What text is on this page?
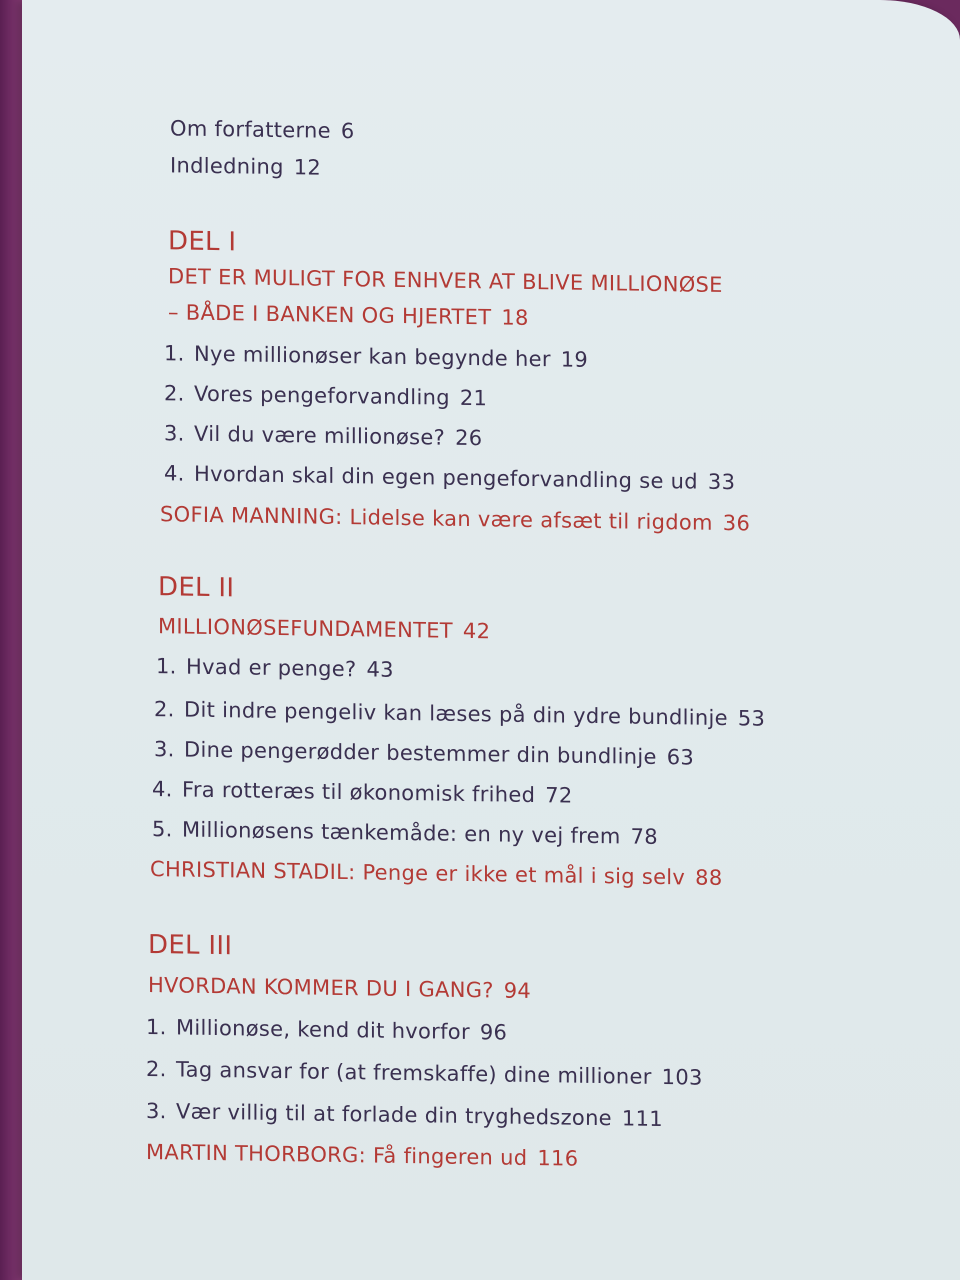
Om forfatterne 6
Indledning 12
DEL I
DET ER MULIGT FOR ENHVER AT BLIVE MILLIONØSE
– BÅDE I BANKEN OG HJERTET 18
1. Nye millionøser kan begynde her 19
2. Vores pengeforvandling 21
3. Vil du være millionøse? 26
4. Hvordan skal din egen pengeforvandling se ud 33
SOFIA MANNING: Lidelse kan være afsæt til rigdom 36
DEL II
MILLIONØSEFUNDAMENTET 42
1. Hvad er penge? 43
2. Dit indre pengeliv kan læses på din ydre bundlinje 53
3. Dine pengerødder bestemmer din bundlinje 63
4. Fra rotteræs til økonomisk frihed 72
5. Millionøsens tænkemåde: en ny vej frem 78
CHRISTIAN STADIL: Penge er ikke et mål i sig selv 88
DEL III
HVORDAN KOMMER DU I GANG? 94
1. Millionøse, kend dit hvorfor 96
2. Tag ansvar for (at fremskaffe) dine millioner 103
3. Vær villig til at forlade din tryghedszone 111
MARTIN THORBORG: Få fingeren ud 116
